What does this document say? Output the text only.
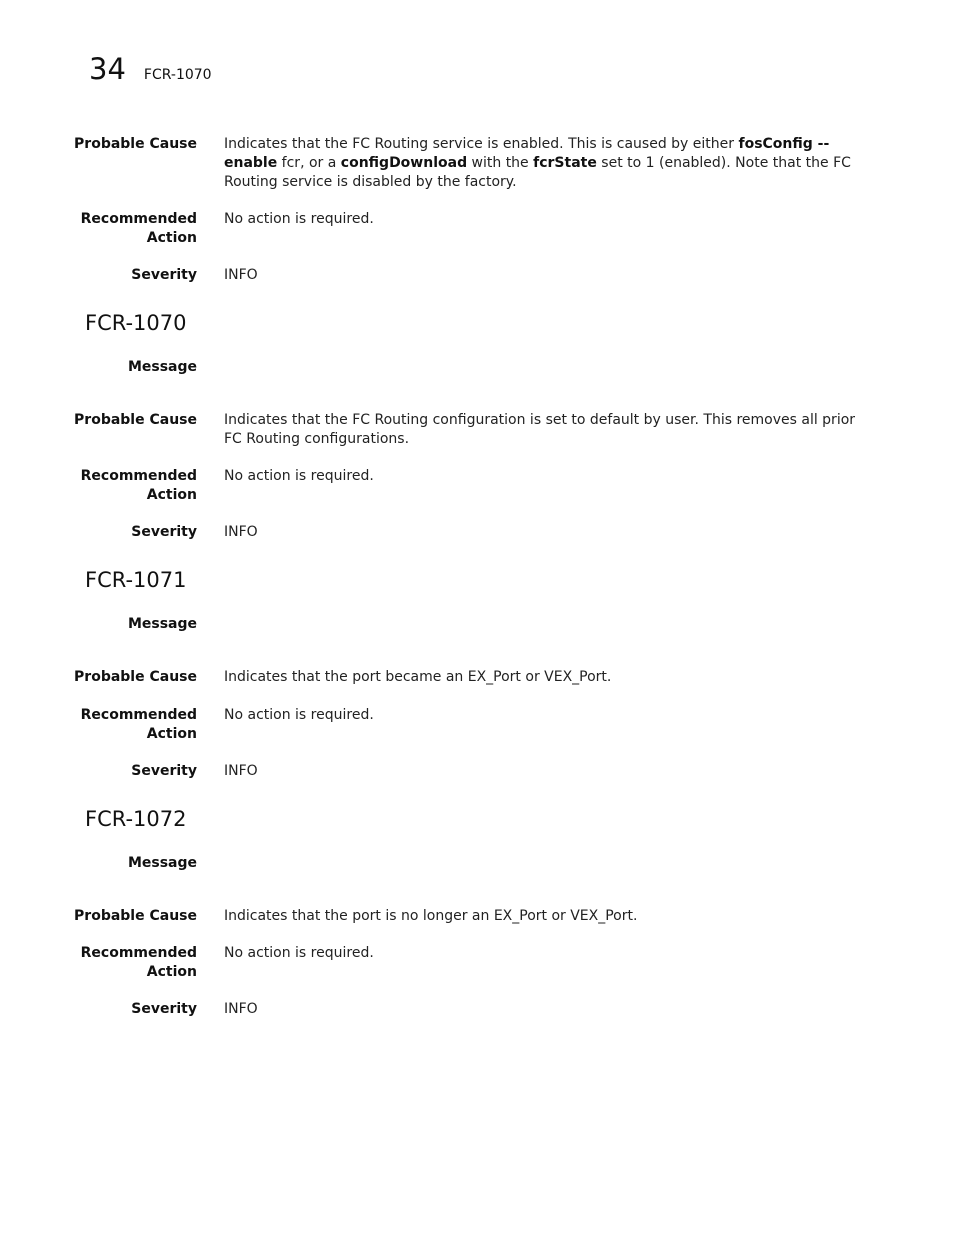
34 FCR-1070
Probable Cause Indicates that the FC Routing service is enabled. This is caused by either fosConfig --enable fcr, or a configDownload with the fcrState set to 1 (enabled). Note that the FC Routing service is disabled by the factory.
Recommended Action
No action is required.
Severity INFO
FCR-1070
Message
Probable Cause Indicates that the FC Routing configuration is set to default by user. This removes all prior FC Routing configurations.
Recommended Action
No action is required.
Severity INFO
FCR-1071
Message
Probable Cause Indicates that the port became an EX_Port or VEX_Port.
Recommended Action
No action is required.
Severity INFO
FCR-1072
Message
Probable Cause Indicates that the port is no longer an EX_Port or VEX_Port.
Recommended Action
No action is required.
Severity INFO
